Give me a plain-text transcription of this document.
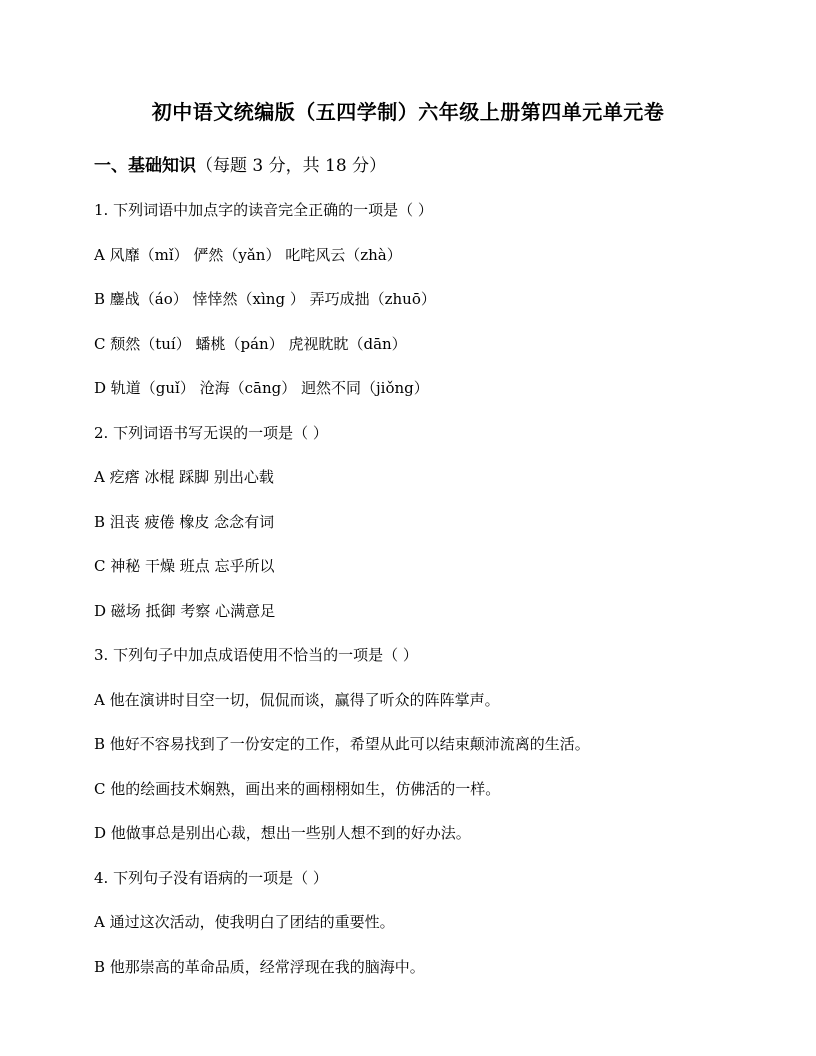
初中语文统编版（五四学制）六年级上册第四单元单元卷
一、基础知识（每题 3 分，共 18 分）
1. 下列词语中加点字的读音完全正确的一项是（ ）
A 风靡（mǐ） 俨然（yǎn） 叱咤风云（zhà）
B 鏖战（áo） 悻悻然（xìng ） 弄巧成拙（zhuō）
C 颓然（tuí） 蟠桃（pán） 虎视眈眈（dān）
D 轨道（guǐ） 沧海（cāng） 迥然不同（jiǒng）
2. 下列词语书写无误的一项是（ ）
A 疙瘩 冰棍 踩脚 别出心载
B 沮丧 疲倦 橡皮 念念有词
C 神秘 干燥 班点 忘乎所以
D 磁场 抵御 考察 心满意足
3. 下列句子中加点成语使用不恰当的一项是（ ）
A 他在演讲时目空一切，侃侃而谈，赢得了听众的阵阵掌声。
B 他好不容易找到了一份安定的工作，希望从此可以结束颠沛流离的生活。
C 他的绘画技术娴熟，画出来的画栩栩如生，仿佛活的一样。
D 他做事总是别出心裁，想出一些别人想不到的好办法。
4. 下列句子没有语病的一项是（ ）
A 通过这次活动，使我明白了团结的重要性。
B 他那崇高的革命品质，经常浮现在我的脑海中。
